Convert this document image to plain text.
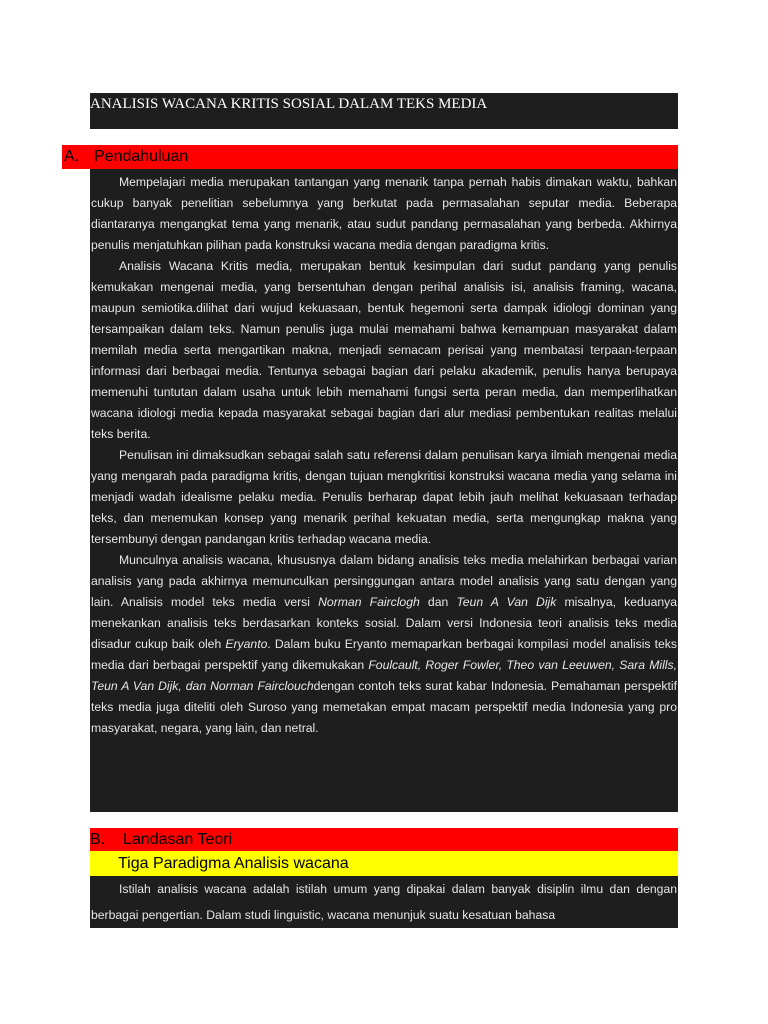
ANALISIS WACANA KRITIS SOSIAL DALAM TEKS MEDIA
A. Pendahuluan

Mempelajari media merupakan tantangan yang menarik tanpa pernah habis dimakan waktu, bahkan cukup banyak penelitian sebelumnya yang berkutat pada permasalahan seputar media. Beberapa diantaranya mengangkat tema yang menarik, atau sudut pandang permasalahan yang berbeda. Akhirnya penulis menjatuhkan pilihan pada konstruksi wacana media dengan paradigma kritis.

Analisis Wacana Kritis media, merupakan bentuk kesimpulan dari sudut pandang yang penulis kemukakan mengenai media, yang bersentuhan dengan perihal analisis isi, analisis framing, wacana, maupun semiotika.dilihat dari wujud kekuasaan, bentuk hegemoni serta dampak idiologi dominan yang tersampaikan dalam teks. Namun penulis juga mulai memahami bahwa kemampuan masyarakat dalam memilah media serta mengartikan makna, menjadi semacam perisai yang membatasi terpaan-terpaan informasi dari berbagai media. Tentunya sebagai bagian dari pelaku akademik, penulis hanya berupaya memenuhi tuntutan dalam usaha untuk lebih memahami fungsi serta peran media, dan memperlihatkan wacana idiologi media kepada masyarakat sebagai bagian dari alur mediasi pembentukan realitas melalui teks berita.

Penulisan ini dimaksudkan sebagai salah satu referensi dalam penulisan karya ilmiah mengenai media yang mengarah pada paradigma kritis, dengan tujuan mengkritisi konstruksi wacana media yang selama ini menjadi wadah idealisme pelaku media. Penulis berharap dapat lebih jauh melihat kekuasaan terhadap teks, dan menemukan konsep yang menarik perihal kekuatan media, serta mengungkap makna yang tersembunyi dengan pandangan kritis terhadap wacana media.

Munculnya analisis wacana, khususnya dalam bidang analisis teks media melahirkan berbagai varian analisis yang pada akhirnya memunculkan persinggungan antara model analisis yang satu dengan yang lain. Analisis model teks media versi Norman Fairclogh dan Teun A Van Dijk misalnya, keduanya menekankan analisis teks berdasarkan konteks sosial. Dalam versi Indonesia teori analisis teks media disadur cukup baik oleh Eryanto. Dalam buku Eryanto memaparkan berbagai kompilasi model analisis teks media dari berbagai perspektif yang dikemukakan Foulcault, Roger Fowler, Theo van Leeuwen, Sara Mills, Teun A Van Dijk, dan Norman Fairclouchdengan contoh teks surat kabar Indonesia. Pemahaman perspektif teks media juga diteliti oleh Suroso yang memetakan empat macam perspektif media Indonesia yang pro masyarakat, negara, yang lain, dan netral.

B. Landasan Teori
Tiga Paradigma Analisis wacana

Istilah analisis wacana adalah istilah umum yang dipakai dalam banyak disiplin ilmu dan dengan berbagai pengertian. Dalam studi linguistic, wacana menunjuk suatu kesatuan bahasa
